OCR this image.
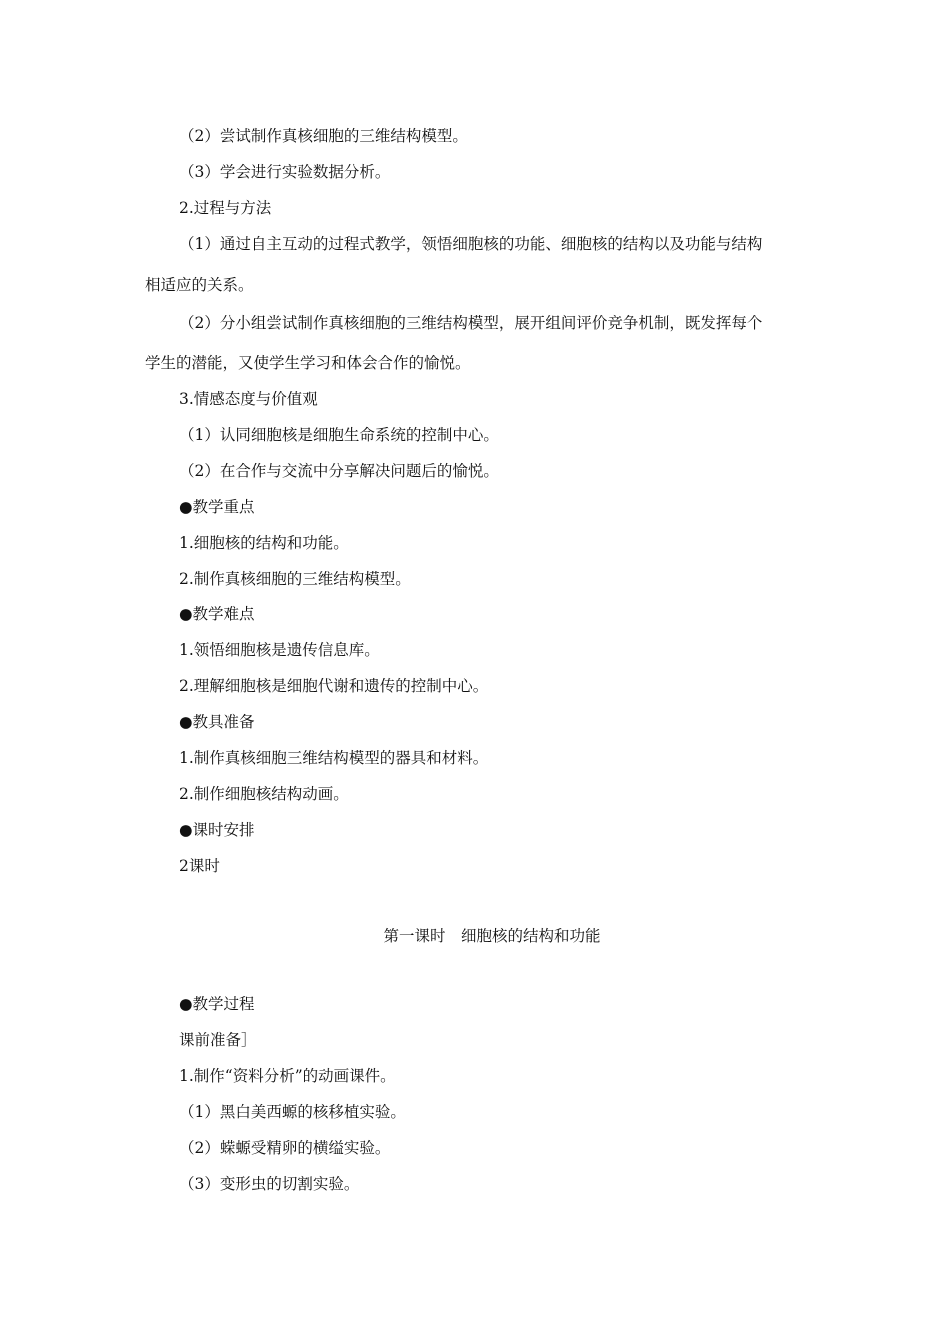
（2）尝试制作真核细胞的三维结构模型。
（3）学会进行实验数据分析。
2.过程与方法
（1）通过自主互动的过程式教学，领悟细胞核的功能、细胞核的结构以及功能与结构
相适应的关系。
（2）分小组尝试制作真核细胞的三维结构模型，展开组间评价竞争机制，既发挥每个
学生的潜能，又使学生学习和体会合作的愉悦。
3.情感态度与价值观
（1）认同细胞核是细胞生命系统的控制中心。
（2）在合作与交流中分享解决问题后的愉悦。
●教学重点
1.细胞核的结构和功能。
2.制作真核细胞的三维结构模型。
●教学难点
1.领悟细胞核是遗传信息库。
2.理解细胞核是细胞代谢和遗传的控制中心。
●教具准备
1.制作真核细胞三维结构模型的器具和材料。
2.制作细胞核结构动画。
●课时安排
2课时
第一课时　细胞核的结构和功能
●教学过程
课前准备］
1.制作“资料分析”的动画课件。
（1）黑白美西螈的核移植实验。
（2）蝾螈受精卵的横缢实验。
（3）变形虫的切割实验。
